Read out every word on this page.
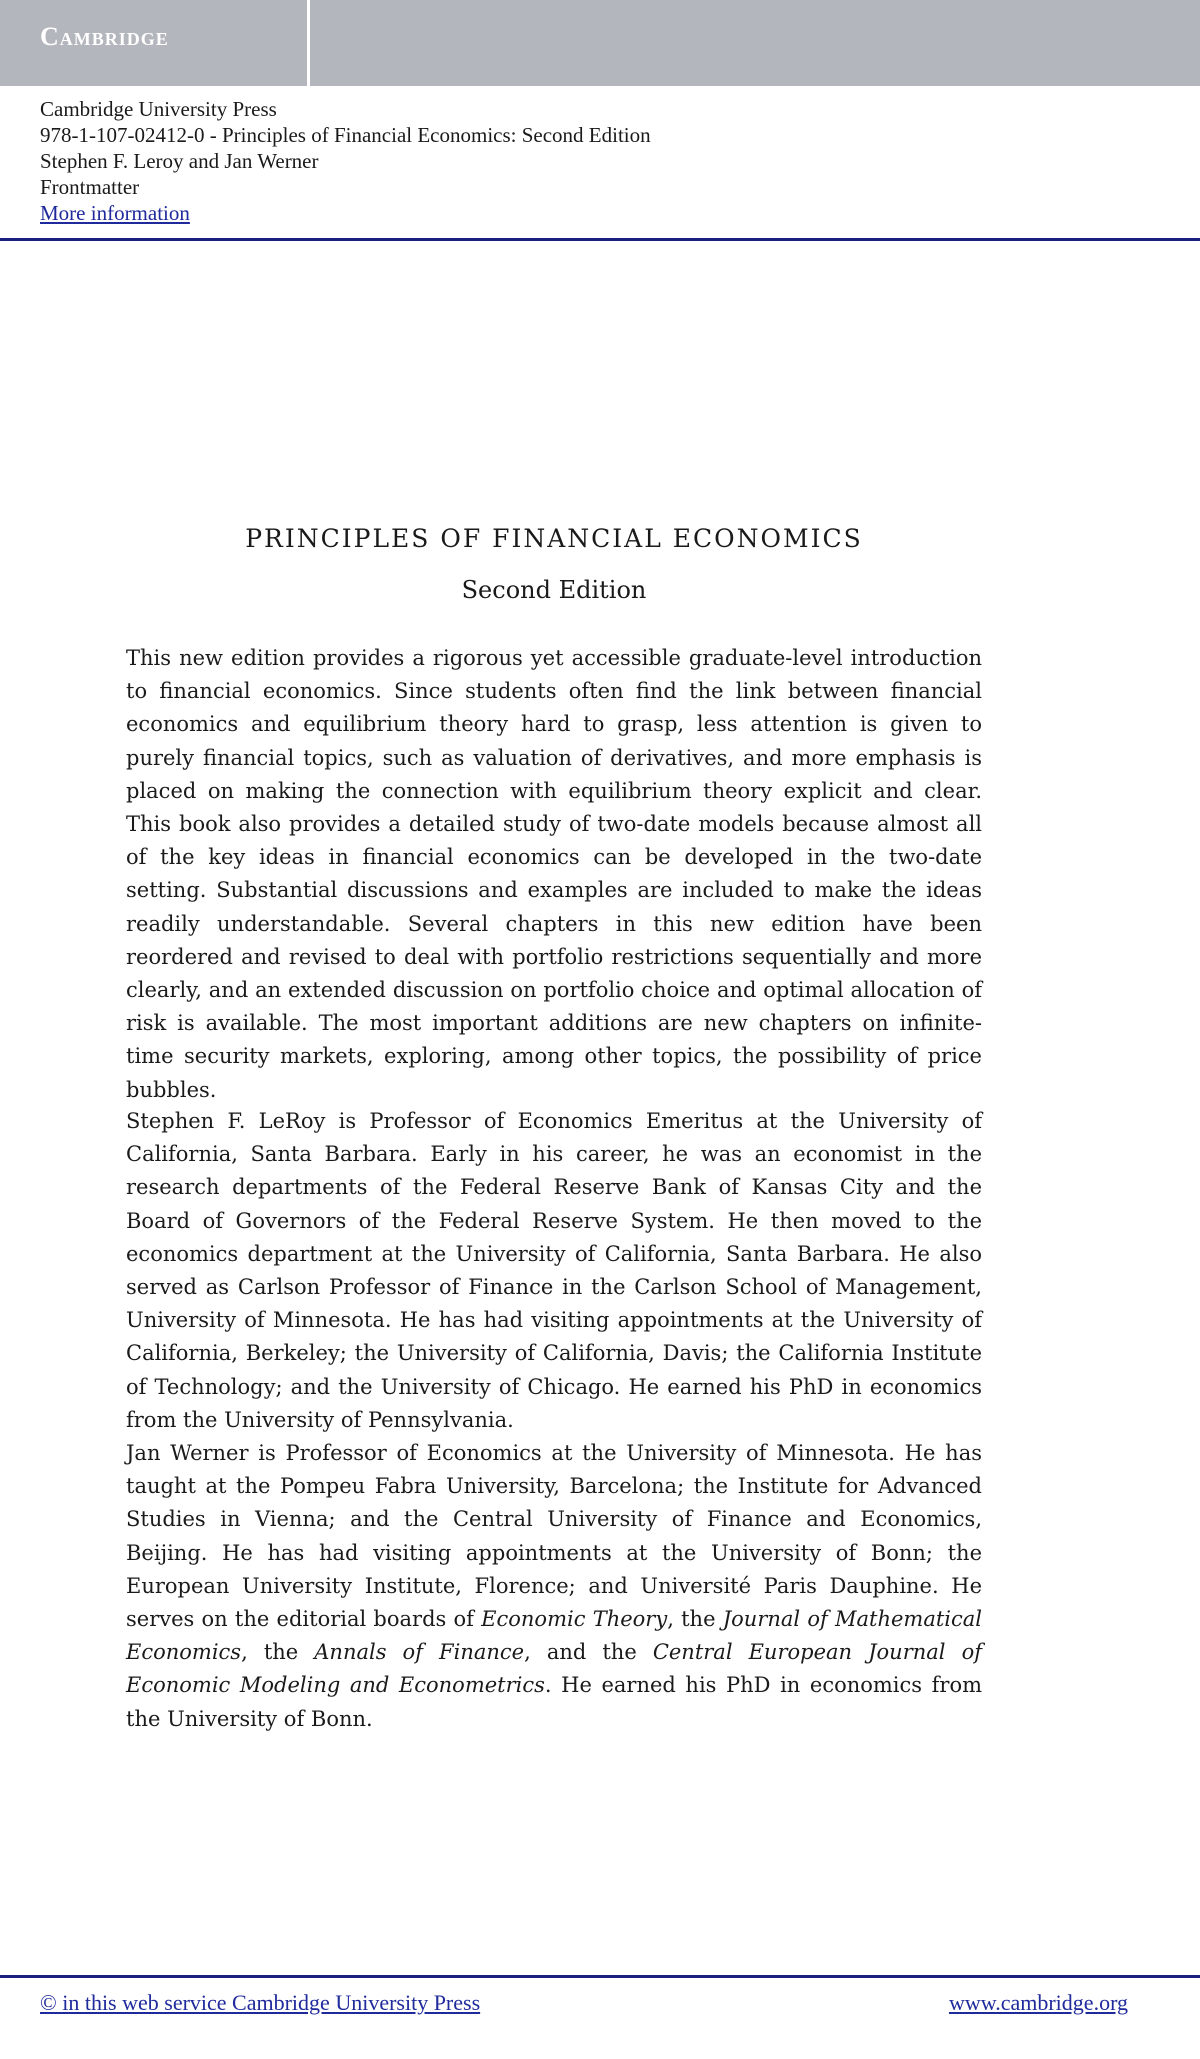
Cambridge
Cambridge University Press
978-1-107-02412-0 - Principles of Financial Economics: Second Edition
Stephen F. Leroy and Jan Werner
Frontmatter
More information
PRINCIPLES OF FINANCIAL ECONOMICS
Second Edition

This new edition provides a rigorous yet accessible graduate-level introduction to financial economics. Since students often find the link between financial economics and equilibrium theory hard to grasp, less attention is given to purely financial topics, such as valuation of derivatives, and more emphasis is placed on making the connection with equilibrium theory explicit and clear. This book also provides a detailed study of two-date models because almost all of the key ideas in financial economics can be developed in the two-date setting. Substantial discussions and examples are included to make the ideas readily understandable. Several chapters in this new edition have been reordered and revised to deal with portfolio restrictions sequentially and more clearly, and an extended discussion on portfolio choice and optimal allocation of risk is available. The most important additions are new chapters on infinite-time security markets, exploring, among other topics, the possibility of price bubbles.

Stephen F. LeRoy is Professor of Economics Emeritus at the University of California, Santa Barbara. Early in his career, he was an economist in the research departments of the Federal Reserve Bank of Kansas City and the Board of Governors of the Federal Reserve System. He then moved to the economics department at the University of California, Santa Barbara. He also served as Carlson Professor of Finance in the Carlson School of Management, University of Minnesota. He has had visiting appointments at the University of California, Berkeley; the University of California, Davis; the California Institute of Technology; and the University of Chicago. He earned his PhD in economics from the University of Pennsylvania.

Jan Werner is Professor of Economics at the University of Minnesota. He has taught at the Pompeu Fabra University, Barcelona; the Institute for Advanced Studies in Vienna; and the Central University of Finance and Economics, Beijing. He has had visiting appointments at the University of Bonn; the European University Institute, Florence; and Université Paris Dauphine. He serves on the editorial boards of Economic Theory, the Journal of Mathematical Economics, the Annals of Finance, and the Central European Journal of Economic Modeling and Econometrics. He earned his PhD in economics from the University of Bonn.

© in this web service Cambridge University Press	www.cambridge.org
